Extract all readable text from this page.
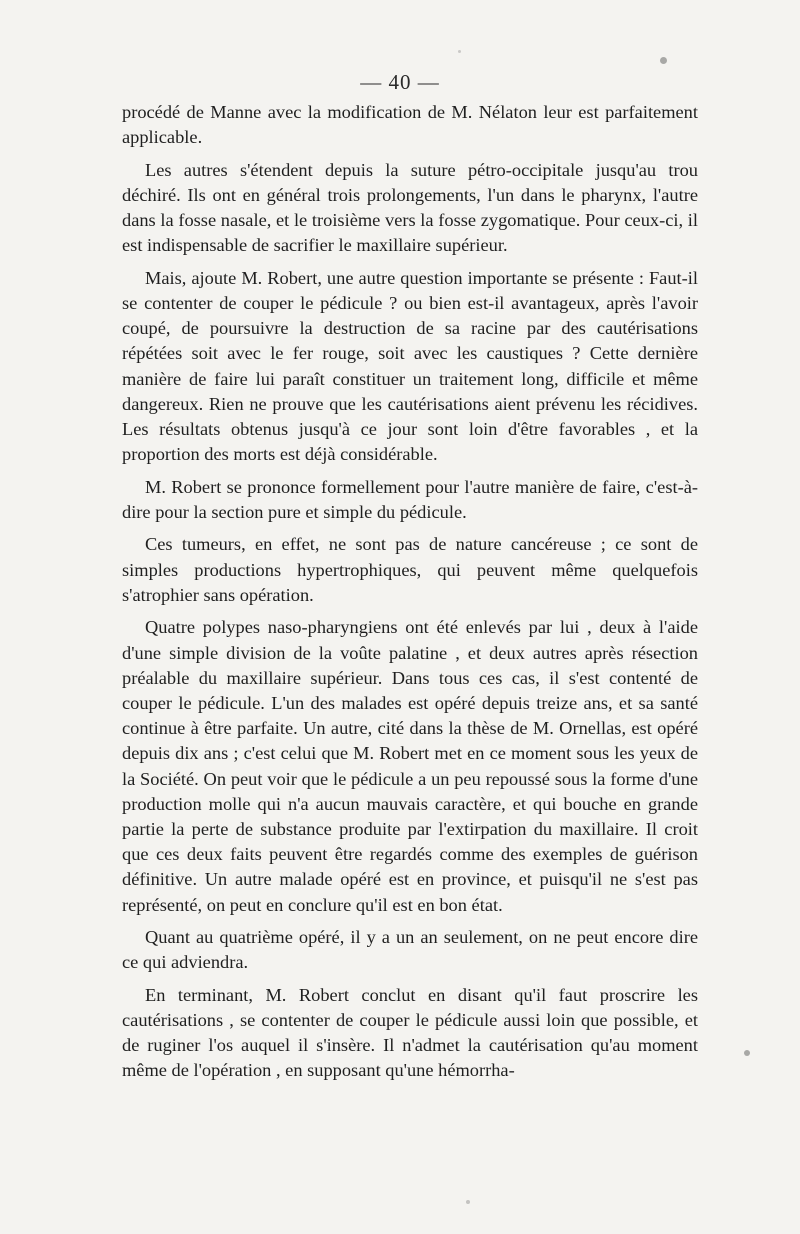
— 40 —

procédé de Manne avec la modification de M. Nélaton leur est parfaitement applicable.

Les autres s'étendent depuis la suture pétro-occipitale jusqu'au trou déchiré. Ils ont en général trois prolongements, l'un dans le pharynx, l'autre dans la fosse nasale, et le troisième vers la fosse zygomatique. Pour ceux-ci, il est indispensable de sacrifier le maxillaire supérieur.

Mais, ajoute M. Robert, une autre question importante se présente : Faut-il se contenter de couper le pédicule ? ou bien est-il avantageux, après l'avoir coupé, de poursuivre la destruction de sa racine par des cautérisations répétées soit avec le fer rouge, soit avec les caustiques ? Cette dernière manière de faire lui paraît constituer un traitement long, difficile et même dangereux. Rien ne prouve que les cautérisations aient prévenu les récidives. Les résultats obtenus jusqu'à ce jour sont loin d'être favorables , et la proportion des morts est déjà considérable.

M. Robert se prononce formellement pour l'autre manière de faire, c'est-à-dire pour la section pure et simple du pédicule.

Ces tumeurs, en effet, ne sont pas de nature cancéreuse ; ce sont de simples productions hypertrophiques, qui peuvent même quelquefois s'atrophier sans opération.

Quatre polypes naso-pharyngiens ont été enlevés par lui , deux à l'aide d'une simple division de la voûte palatine , et deux autres après résection préalable du maxillaire supérieur. Dans tous ces cas, il s'est contenté de couper le pédicule. L'un des malades est opéré depuis treize ans, et sa santé continue à être parfaite. Un autre, cité dans la thèse de M. Ornellas, est opéré depuis dix ans ; c'est celui que M. Robert met en ce moment sous les yeux de la Société. On peut voir que le pédicule a un peu repoussé sous la forme d'une production molle qui n'a aucun mauvais caractère, et qui bouche en grande partie la perte de substance produite par l'extirpation du maxillaire. Il croit que ces deux faits peuvent être regardés comme des exemples de guérison définitive. Un autre malade opéré est en province, et puisqu'il ne s'est pas représenté, on peut en conclure qu'il est en bon état.

Quant au quatrième opéré, il y a un an seulement, on ne peut encore dire ce qui adviendra.

En terminant, M. Robert conclut en disant qu'il faut proscrire les cautérisations , se contenter de couper le pédicule aussi loin que possible, et de ruginer l'os auquel il s'insère. Il n'admet la cautérisation qu'au moment même de l'opération , en supposant qu'une hémorrha-
